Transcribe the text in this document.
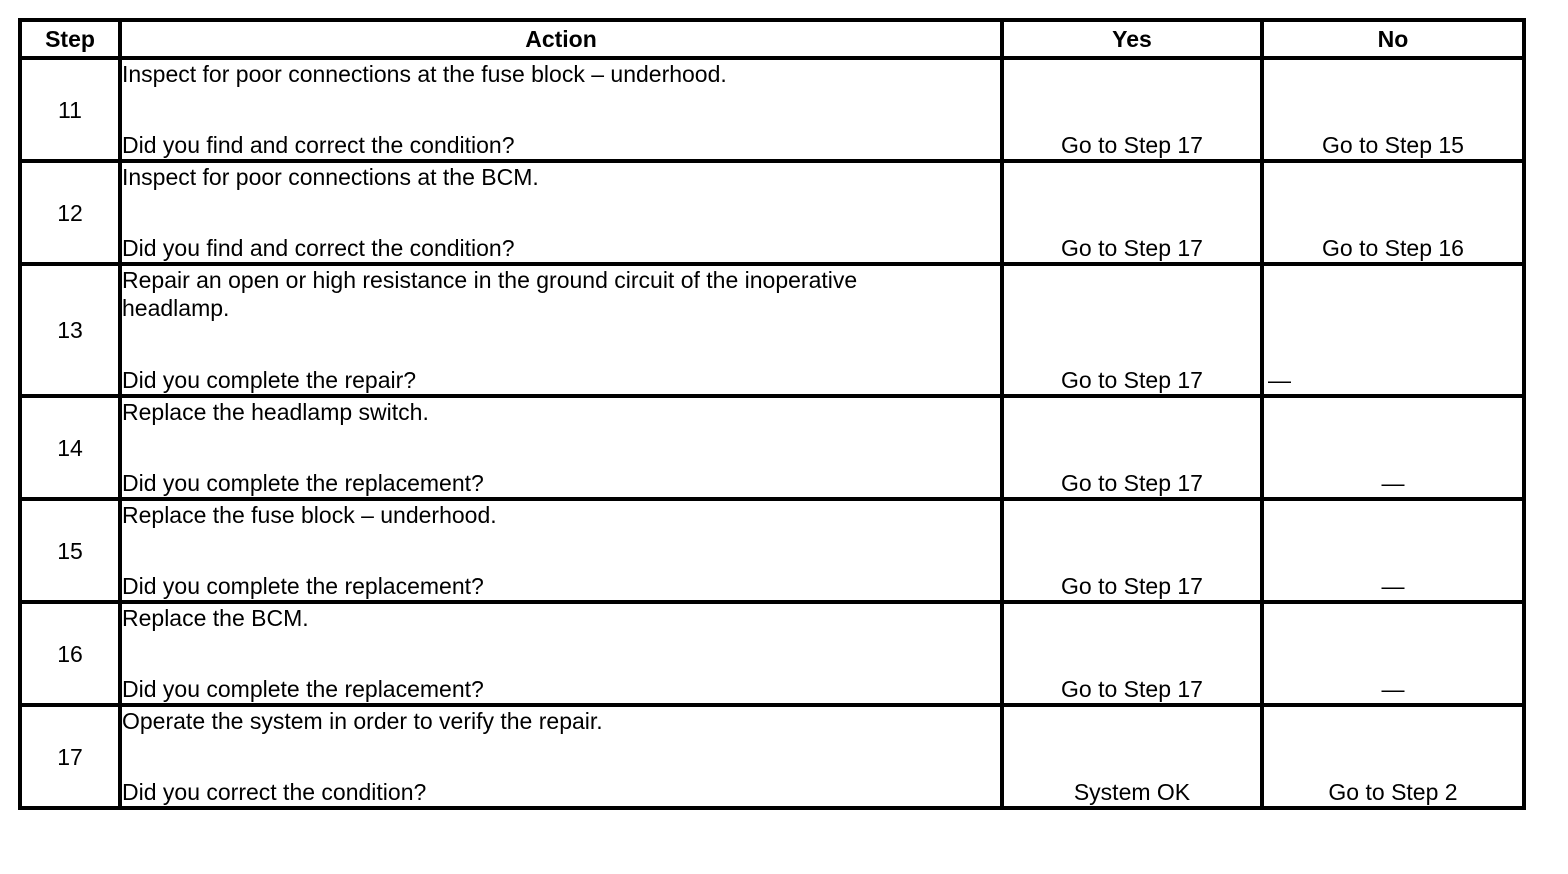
Step	Action	Yes	No
11	Inspect for poor connections at the fuse block – underhood.
Did you find and correct the condition?	Go to Step 17	Go to Step 15
12	Inspect for poor connections at the BCM.
Did you find and correct the condition?	Go to Step 17	Go to Step 16
13	Repair an open or high resistance in the ground circuit of the inoperative headlamp.
Did you complete the repair?	Go to Step 17	—
14	Replace the headlamp switch.
Did you complete the replacement?	Go to Step 17	—
15	Replace the fuse block – underhood.
Did you complete the replacement?	Go to Step 17	—
16	Replace the BCM.
Did you complete the replacement?	Go to Step 17	—
17	Operate the system in order to verify the repair.
Did you correct the condition?	System OK	Go to Step 2
